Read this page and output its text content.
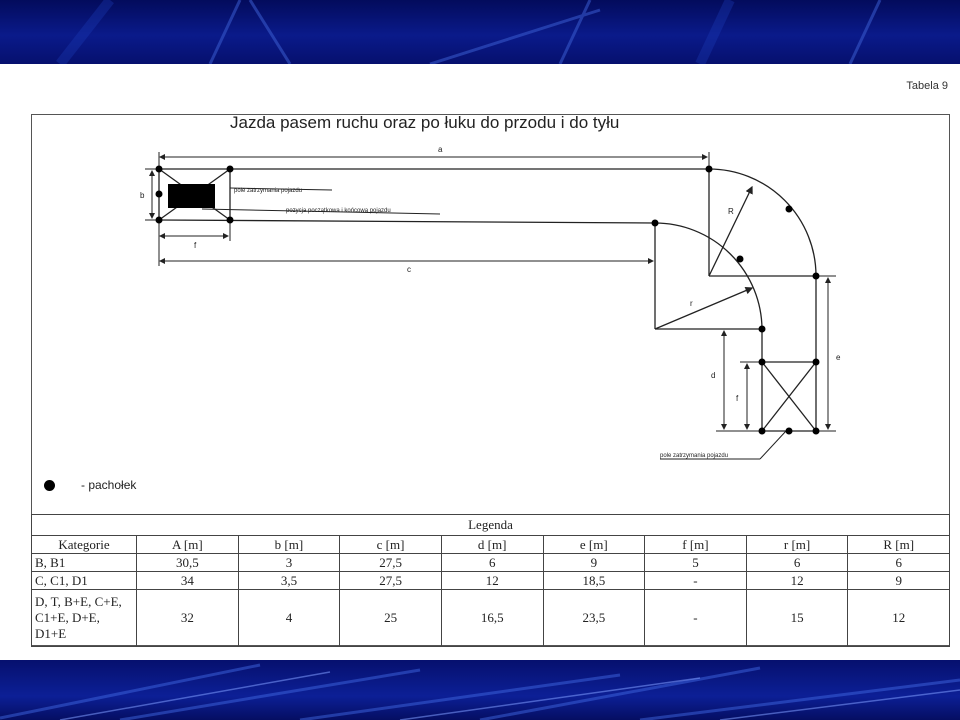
Tabela 9
a
b
c
f
d
f
e
R
r
pole zatrzymania pojazdu
pozycja początkowa i końcowa pojazdu
pole zatrzymania pojazdu
Jazda pasem ruchu oraz po łuku do przodu i do tyłu
- pachołek
Legenda								
Kategorie	A [m]	b [m]	c [m]	d [m]	e [m]	f [m]	r [m]	R [m]
B, B1	30,5	3	27,5	6	9	5	6	6
C, C1, D1	34	3,5	27,5	12	18,5	-	12	9
D, T, B+E, C+E, C1+E, D+E, D1+E	32	4	25	16,5	23,5	-	15	12
